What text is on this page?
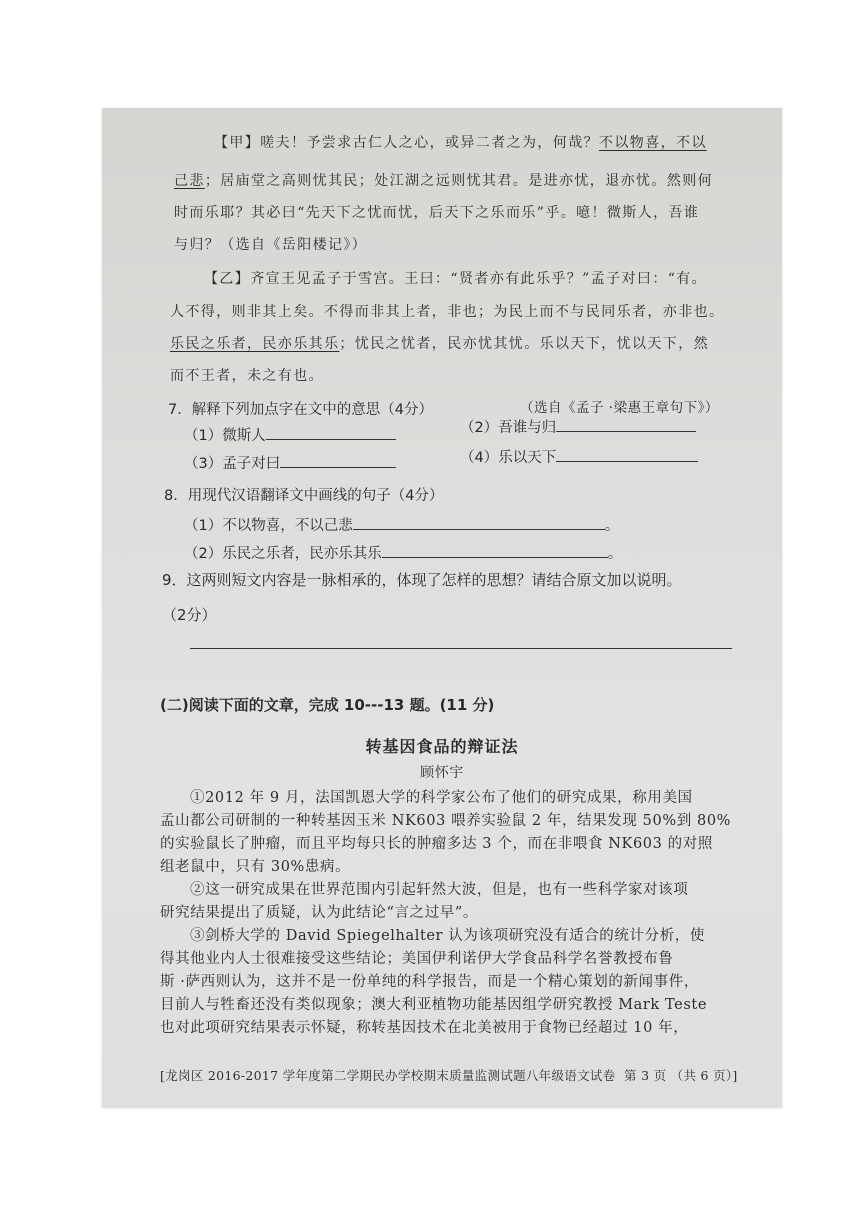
【甲】嗟夫！予尝求古仁人之心，或异二者之为，何哉？不以物喜，不以
己悲；居庙堂之高则忧其民；处江湖之远则忧其君。是进亦忧，退亦忧。然则何
时而乐耶？其必曰“先天下之忧而忧，后天下之乐而乐”乎。噫！微斯人，吾谁
与归？（选自《岳阳楼记》）
【乙】齐宣王见孟子于雪宫。王曰：“贤者亦有此乐乎？”孟子对曰：“有。
人不得，则非其上矣。不得而非其上者，非也；为民上而不与民同乐者，亦非也。
乐民之乐者，民亦乐其乐；忧民之忧者，民亦忧其忧。乐以天下，忧以天下，然
而不王者，未之有也。
（选自《孟子 ·梁惠王章句下》）
7．解释下列加点字在文中的意思（4分）
（1）微斯人	（2）吾谁与归
（3）孟子对曰	（4）乐以天下
8．用现代汉语翻译文中画线的句子（4分）
（1）不以物喜，不以己悲	。
（2）乐民之乐者，民亦乐其乐	。
9．这两则短文内容是一脉相承的，体现了怎样的思想？请结合原文加以说明。
（2分）
(二)阅读下面的文章，完成 10---13 题。(11 分)
转基因食品的辩证法
顾怀宇
①2012 年 9 月，法国凯恩大学的科学家公布了他们的研究成果，称用美国
孟山都公司研制的一种转基因玉米 NK603 喂养实验鼠 2 年，结果发现 50%到 80%
的实验鼠长了肿瘤，而且平均每只长的肿瘤多达 3 个，而在非喂食 NK603 的对照
组老鼠中，只有 30%患病。
②这一研究成果在世界范围内引起轩然大波，但是，也有一些科学家对该项
研究结果提出了质疑，认为此结论“言之过早”。
③剑桥大学的 David Spiegelhalter 认为该项研究没有适合的统计分析，使
得其他业内人士很难接受这些结论；美国伊利诺伊大学食品科学名誉教授布鲁
斯 ·萨西则认为，这并不是一份单纯的科学报告，而是一个精心策划的新闻事件，
目前人与牲畜还没有类似现象；澳大利亚植物功能基因组学研究教授 Mark Teste
也对此项研究结果表示怀疑，称转基因技术在北美被用于食物已经超过 10 年，
[龙岗区 2016-2017 学年度第二学期民办学校期末质量监测试题八年级语文试卷 第 3 页 （共 6 页）]
